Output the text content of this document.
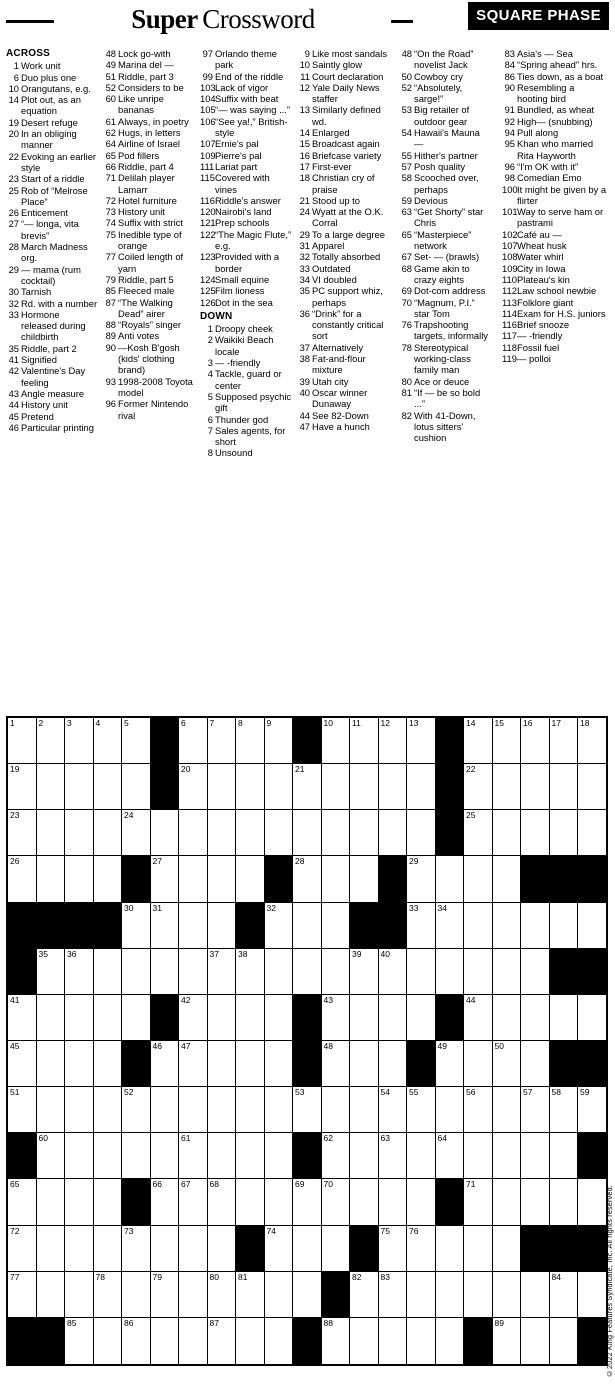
Super Crossword	SQUARE PHASE
ACROSS
1 Work unit
6 Duo plus one
10 Orangutans, e.g.
14 Plot out, as an equation
19 Desert refuge
20 In an obliging manner
22 Evoking an earlier style
23 Start of a riddle
25 Rob of “Melrose Place”
26 Enticement
27 “— longa, vita brevis”
28 March Madness org.
29 — mama (rum cocktail)
30 Tarnish
32 Rd. with a number
33 Hormone released during childbirth
35 Riddle, part 2
41 Signified
42 Valentine's Day feeling
43 Angle measure
44 History unit
45 Pretend
46 Particular printing
48 Lock go-with
49 Marina del —
51 Riddle, part 3
52 Considers to be
60 Like unripe bananas
61 Always, in poetry
62 Hugs, in letters
64 Airline of Israel
65 Pod fillers
66 Riddle, part 4
71 Delilah player Lamarr
72 Hotel furniture
73 History unit
74 Suffix with strict
75 Inedible type of orange
77 Coiled length of yarn
79 Riddle, part 5
85 Fleeced male
87 “The Walking Dead” airer
88 “Royals” singer
89 Anti votes
90 —Kosh B'gosh (kids' clothing brand)
93 1998-2008 Toyota model
96 Former Nintendo rival
97 Orlando theme park
99 End of the riddle
103 Lack of vigor
104 Suffix with beat
105 “— was saying ...”
106 “See ya!,” British-style
107 Ernie's pal
109 Pierre's pal
111 Lariat part
115 Covered with vines
116 Riddle's answer
120 Nairobi's land
121 Prep schools
122 “The Magic Flute,” e.g.
123 Provided with a border
124 Small equine
125 Film lioness
126 Dot in the sea
DOWN
1 Droopy cheek
2 Waikiki Beach locale
3 — -friendly
4 Tackle, guard or center
5 Supposed psychic gift
6 Thunder god
7 Sales agents, for short
8 Unsound
9 Like most sandals
10 Saintly glow
11 Court declaration
12 Yale Daily News staffer
13 Similarly defined wd.
14 Enlarged
15 Broadcast again
16 Briefcase variety
17 First-ever
18 Christian cry of praise
21 Stood up to
24 Wyatt at the O.K. Corral
29 To a large degree
31 Apparel
32 Totally absorbed
33 Outdated
34 VI doubled
35 PC support whiz, perhaps
36 “Drink” for a constantly critical sort
37 Alternatively
38 Fat-and-flour mixture
39 Utah city
40 Oscar winner Dunaway
44 See 82-Down
47 Have a hunch
48 “On the Road” novelist Jack
50 Cowboy cry
52 “Absolutely, sarge!”
53 Big retailer of outdoor gear
54 Hawaii's Mauna —
55 Hither's partner
57 Posh quality
58 Scooched over, perhaps
59 Devious
63 “Get Shorty” star Chris
65 “Masterpiece” network
67 Set- — (brawls)
68 Game akin to crazy eights
69 Dot-com address
70 “Magnum, P.I.” star Tom
76 Trapshooting targets, informally
78 Stereotypical working-class family man
80 Ace or deuce
81 “If — be so bold ...”
82 With 41-Down, lotus sitters' cushion
83 Asia's — Sea
84 “Spring ahead” hrs.
86 Ties down, as a boat
90 Resembling a hooting bird
91 Bundled, as wheat
92 High— (snubbing)
94 Pull along
95 Khan who married Rita Hayworth
96 “I'm OK with it”
98 Comedian Emo
100 It might be given by a flirter
101 Way to serve ham or pastrami
102 Café au —
107 Wheat husk
108 Water whirl
109 City in Iowa
110 Plateau's kin
112 Law school newbie
113 Folklore giant
114 Exam for H.S. juniors
116 Brief snooze
117 — -friendly
118 Fossil fuel
119 — polloi
1	2	3	4	5	6	7	8	9	10 11 12 13	14 15 16 17 18
19	20	21	22
23	24	25
26	27	28	29
30 31	32	33 34
35 36	37 38	39 40
41	42	43	44
45	46 47	48	49	50
51	52	53	54 55	56	57 58 59
60	61	62	63	64
65	66 67 68	69 70	71
72	73	74	75 76
77	78	79	80 81	82 83	84
85	86	87	88	89	©2022 King Features Syndicate, Inc. All rights reserved.
